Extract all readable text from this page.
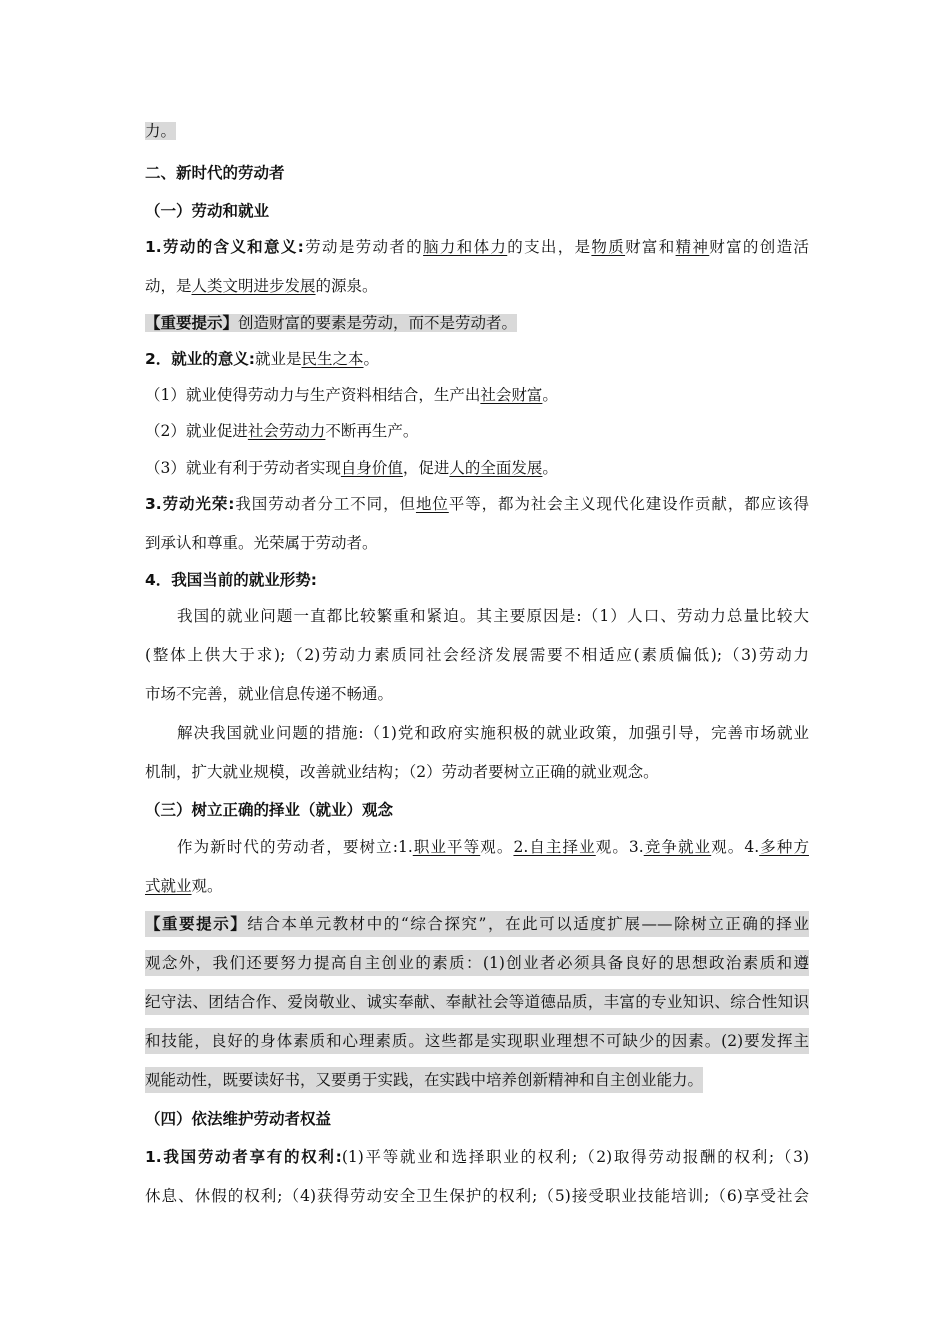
力。
二、新时代的劳动者
（一）劳动和就业
1.劳动的含义和意义:劳动是劳动者的脑力和体力的支出，是物质财富和精神财富的创造活
动，是人类文明进步发展的源泉。
【重要提示】创造财富的要素是劳动，而不是劳动者。
2．就业的意义:就业是民生之本。
（1）就业使得劳动力与生产资料相结合，生产出社会财富。
（2）就业促进社会劳动力不断再生产。
（3）就业有利于劳动者实现自身价值，促进人的全面发展。
3.劳动光荣:我国劳动者分工不同，但地位平等，都为社会主义现代化建设作贡献，都应该得
到承认和尊重。光荣属于劳动者。
4．我国当前的就业形势:
我国的就业问题一直都比较繁重和紧迫。其主要原因是:（1）人口、劳动力总量比较大
(整体上供大于求);（2)劳动力素质同社会经济发展需要不相适应(素质偏低);（3)劳动力
市场不完善，就业信息传递不畅通。
解决我国就业问题的措施:（1)党和政府实施积极的就业政策，加强引导，完善市场就业
机制，扩大就业规模，改善就业结构；（2）劳动者要树立正确的就业观念。
（三）树立正确的择业（就业）观念
作为新时代的劳动者，要树立:1.职业平等观。2.自主择业观。3.竞争就业观。4.多种方
式就业观。
【重要提示】结合本单元教材中的“综合探究”，在此可以适度扩展——除树立正确的择业
观念外，我们还要努力提高自主创业的素质：(1)创业者必须具备良好的思想政治素质和遵
纪守法、团结合作、爱岗敬业、诚实奉献、奉献社会等道德品质，丰富的专业知识、综合性知识
和技能，良好的身体素质和心理素质。这些都是实现职业理想不可缺少的因素。(2)要发挥主
观能动性，既要读好书，又要勇于实践，在实践中培养创新精神和自主创业能力。
（四）依法维护劳动者权益
1.我国劳动者享有的权利:(1)平等就业和选择职业的权利;（2)取得劳动报酬的权利;（3)
休息、休假的权利;（4)获得劳动安全卫生保护的权利;（5)接受职业技能培训;（6)享受社会
